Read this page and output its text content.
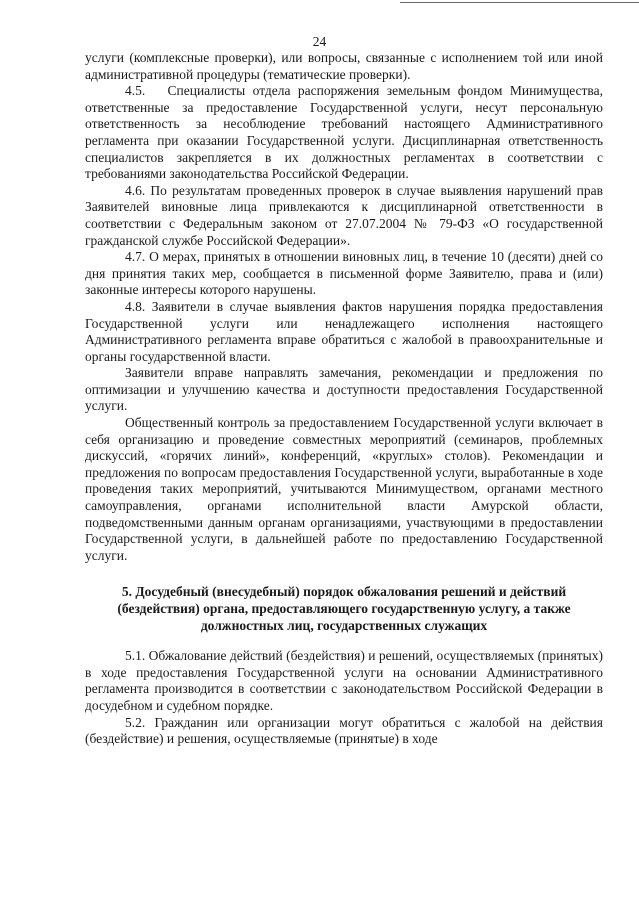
24

услуги (комплексные проверки), или вопросы, связанные с исполнением той или иной административной процедуры (тематические проверки).

4.5.   Специалисты отдела распоряжения земельным фондом Минимущества, ответственные за предоставление Государственной услуги, несут персональную ответственность за несоблюдение требований настоящего Административного регламента при оказании Государственной услуги. Дисциплинарная ответственность специалистов закрепляется в их должностных регламентах в соответствии с требованиями законодательства Российской Федерации.

4.6. По результатам проведенных проверок в случае выявления нарушений прав Заявителей виновные лица привлекаются к дисциплинарной ответственности в соответствии с Федеральным законом от 27.07.2004 № 79-ФЗ «О государственной гражданской службе Российской Федерации».

4.7. О мерах, принятых в отношении виновных лиц, в течение 10 (десяти) дней со дня принятия таких мер, сообщается в письменной форме Заявителю, права и (или) законные интересы которого нарушены.

4.8. Заявители в случае выявления фактов нарушения порядка предоставления Государственной услуги или ненадлежащего исполнения настоящего Административного регламента вправе обратиться с жалобой в правоохранительные и органы государственной власти.

Заявители вправе направлять замечания, рекомендации и предложения по оптимизации и улучшению качества и доступности предоставления Государственной услуги.

Общественный контроль за предоставлением Государственной услуги включает в себя организацию и проведение совместных мероприятий (семинаров, проблемных дискуссий, «горячих линий», конференций, «круглых» столов). Рекомендации и предложения по вопросам предоставления Государственной услуги, выработанные в ходе проведения таких мероприятий, учитываются Минимуществом, органами местного самоуправления, органами исполнительной власти Амурской области, подведомственными данным органам организациями, участвующими в предоставлении Государственной услуги, в дальнейшей работе по предоставлению Государственной услуги.

5. Досудебный (внесудебный) порядок обжалования решений и действий (бездействия) органа, предоставляющего государственную услугу, а также должностных лиц, государственных служащих

5.1. Обжалование действий (бездействия) и решений, осуществляемых (принятых) в ходе предоставления Государственной услуги на основании Административного регламента производится в соответствии с законодательством Российской Федерации в досудебном и судебном порядке.

5.2. Гражданин или организации могут обратиться с жалобой на действия (бездействие) и решения, осуществляемые (принятые) в ходе
